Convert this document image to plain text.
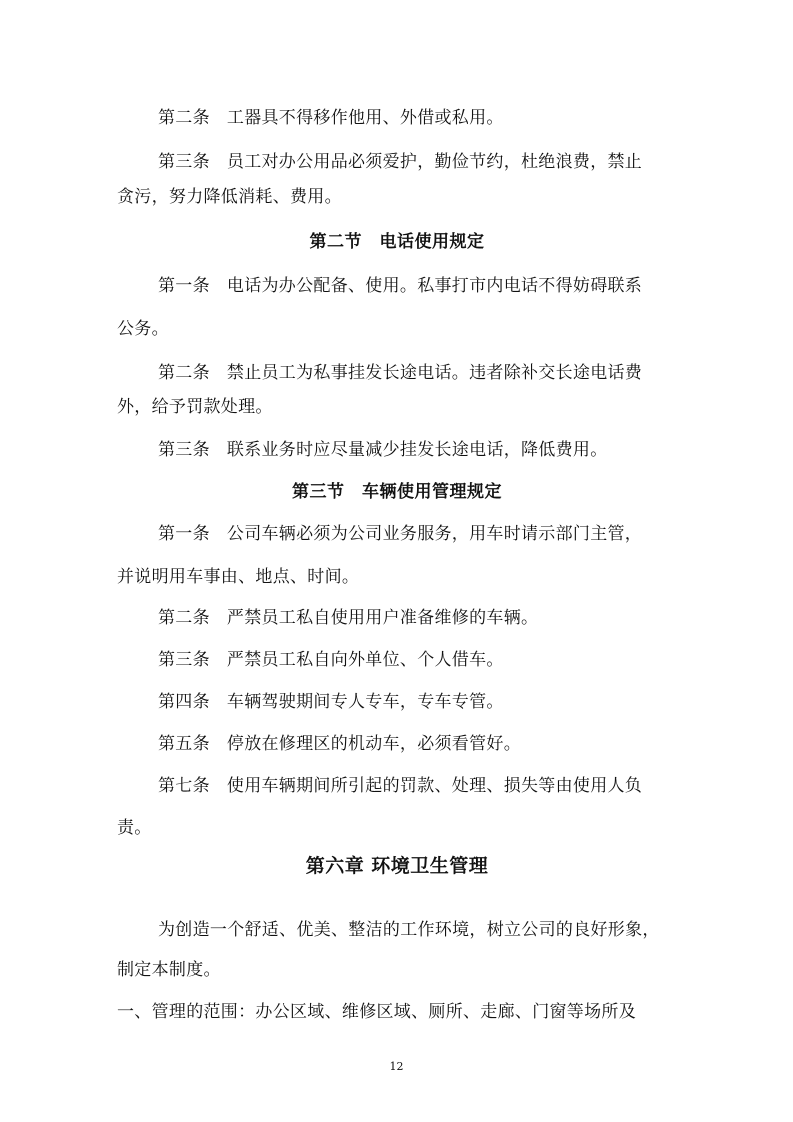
第二条 工器具不得移作他用、外借或私用。
第三条 员工对办公用品必须爱护，勤俭节约，杜绝浪费，禁止
贪污，努力降低消耗、费用。
第二节　电话使用规定
第一条 电话为办公配备、使用。私事打市内电话不得妨碍联系
公务。
第二条 禁止员工为私事挂发长途电话。违者除补交长途电话费
外，给予罚款处理。
第三条 联系业务时应尽量减少挂发长途电话，降低费用。
第三节　车辆使用管理规定
第一条 公司车辆必须为公司业务服务，用车时请示部门主管，
并说明用车事由、地点、时间。
第二条 严禁员工私自使用用户准备维修的车辆。
第三条 严禁员工私自向外单位、个人借车。
第四条 车辆驾驶期间专人专车，专车专管。
第五条 停放在修理区的机动车，必须看管好。
第七条 使用车辆期间所引起的罚款、处理、损失等由使用人负
责。
第六章 环境卫生管理
为创造一个舒适、优美、整洁的工作环境，树立公司的良好形象，
制定本制度。
一、管理的范围：办公区域、维修区域、厕所、走廊、门窗等场所及
12
